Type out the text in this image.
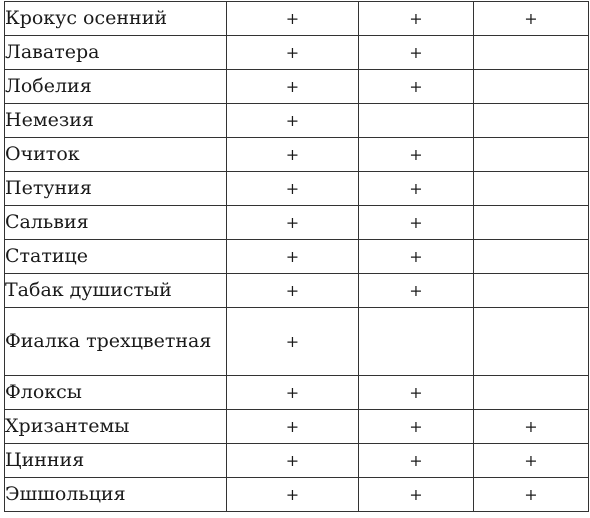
Крокус осенний	+	+	+
Лаватера	+	+	
Лобелия	+	+	
Немезия	+		
Очиток	+	+	
Петуния	+	+	
Сальвия	+	+	
Статице	+	+	
Табак душистый	+	+	
Фиалка трехцветная	+		
Флоксы	+	+	
Хризантемы	+	+	+
Цинния	+	+	+
Эшшольция	+	+	+
